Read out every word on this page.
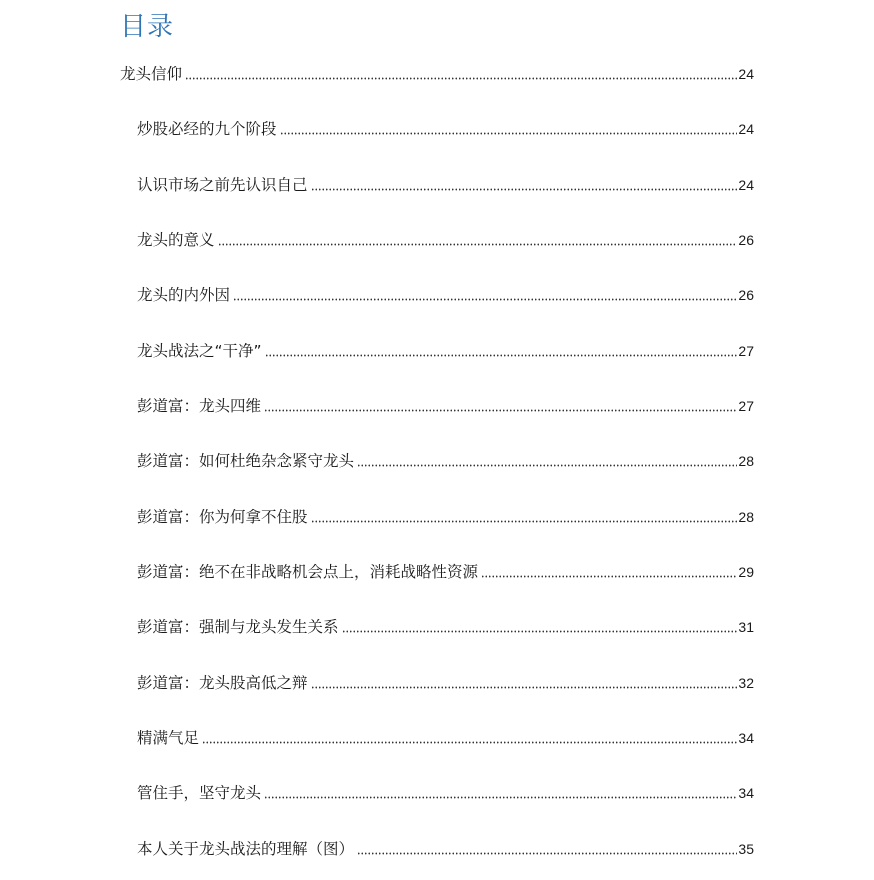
目录
龙头信仰	24
炒股必经的九个阶段	24
认识市场之前先认识自己	24
龙头的意义	26
龙头的内外因	26
龙头战法之“干净”	27
彭道富：龙头四维	27
彭道富：如何杜绝杂念紧守龙头	28
彭道富：你为何拿不住股	28
彭道富：绝不在非战略机会点上，消耗战略性资源	29
彭道富：强制与龙头发生关系	31
彭道富：龙头股高低之辩	32
精满气足	34
管住手，坚守龙头	34
本人关于龙头战法的理解（图）	35
